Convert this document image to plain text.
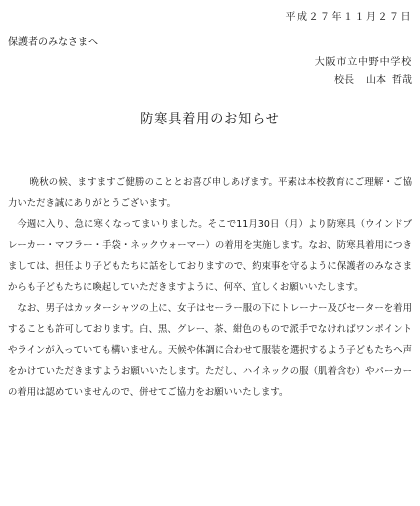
平成２７年１１月２７日
保護者のみなさまへ
大阪市立中野中学校
校長 山本 哲哉
防寒具着用のお知らせ

晩秋の候、ますますご健勝のこととお喜び申しあげます。平素は本校教育にご理解・ご協力いただき誠にありがとうございます。

今週に入り、急に寒くなってまいりました。そこで11月30日（月）より防寒具（ウインドブレーカー・マフラー・手袋・ネックウォーマー）の着用を実施します。なお、防寒具着用につきましては、担任より子どもたちに話をしておりますので、約束事を守るように保護者のみなさまからも子どもたちに喚起していただきますように、何卒、宜しくお願いいたします。

なお、男子はカッターシャツの上に、女子はセーラー服の下にトレーナー及びセーターを着用することも許可しております。白、黒、グレー、茶、紺色のもので派手でなければワンポイントやラインが入っていても構いません。天候や体調に合わせて服装を選択するよう子どもたちへ声をかけていただきますようお願いいたします。ただし、ハイネックの服（肌着含む）やパーカーの着用は認めていませんので、併せてご協力をお願いいたします。
